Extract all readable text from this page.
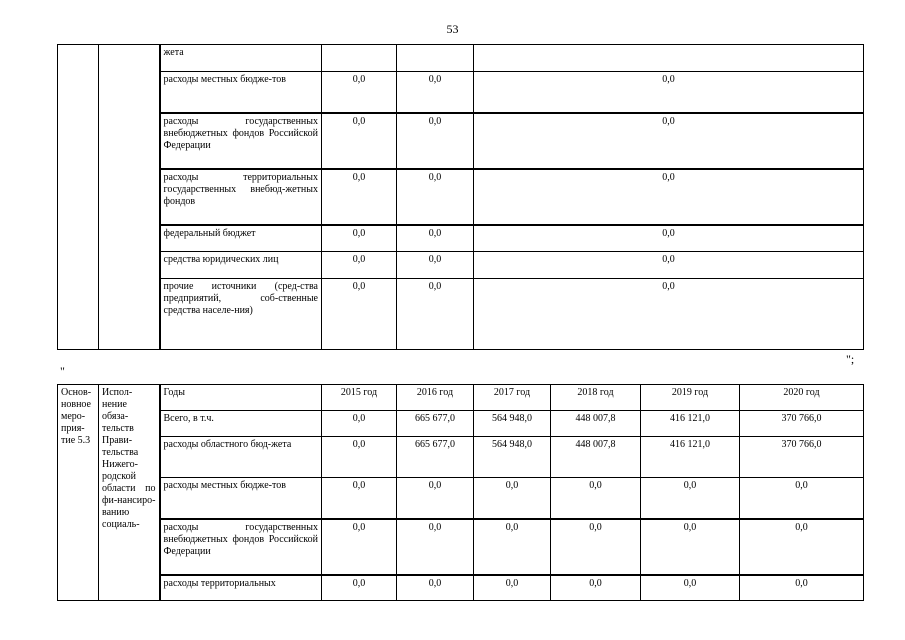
53
		жета			
		расходы местных бюдже-тов	0,0	0,0	0,0
		расходы государственных внебюджетных фондов Российской Федерации	0,0	0,0	0,0
		расходы территориальных государственных внебюд-жетных фондов	0,0	0,0	0,0
		федеральный бюджет	0,0	0,0	0,0
		средства юридических лиц	0,0	0,0	0,0
		прочие источники (сред-ства предприятий, соб-ственные средства населе-ния)	0,0	0,0	0,0
";
"
Основ-новное меро-прия-тие 5.3	Испол-нение обяза-тельств Прави-тельства Нижего-родской области по фи-нансиро-ванию социаль-	Годы	2015 год	2016 год	2017 год	2018 год	2019 год	2020 год
		Всего, в т.ч.	0,0	665 677,0	564 948,0	448 007,8	416 121,0	370 766,0
		расходы областного бюд-жета	0,0	665 677,0	564 948,0	448 007,8	416 121,0	370 766,0
		расходы местных бюдже-тов	0,0	0,0	0,0	0,0	0,0	0,0
		расходы государственных внебюджетных фондов Российской Федерации	0,0	0,0	0,0	0,0	0,0	0,0
		расходы территориальных	0,0	0,0	0,0	0,0	0,0	0,0
